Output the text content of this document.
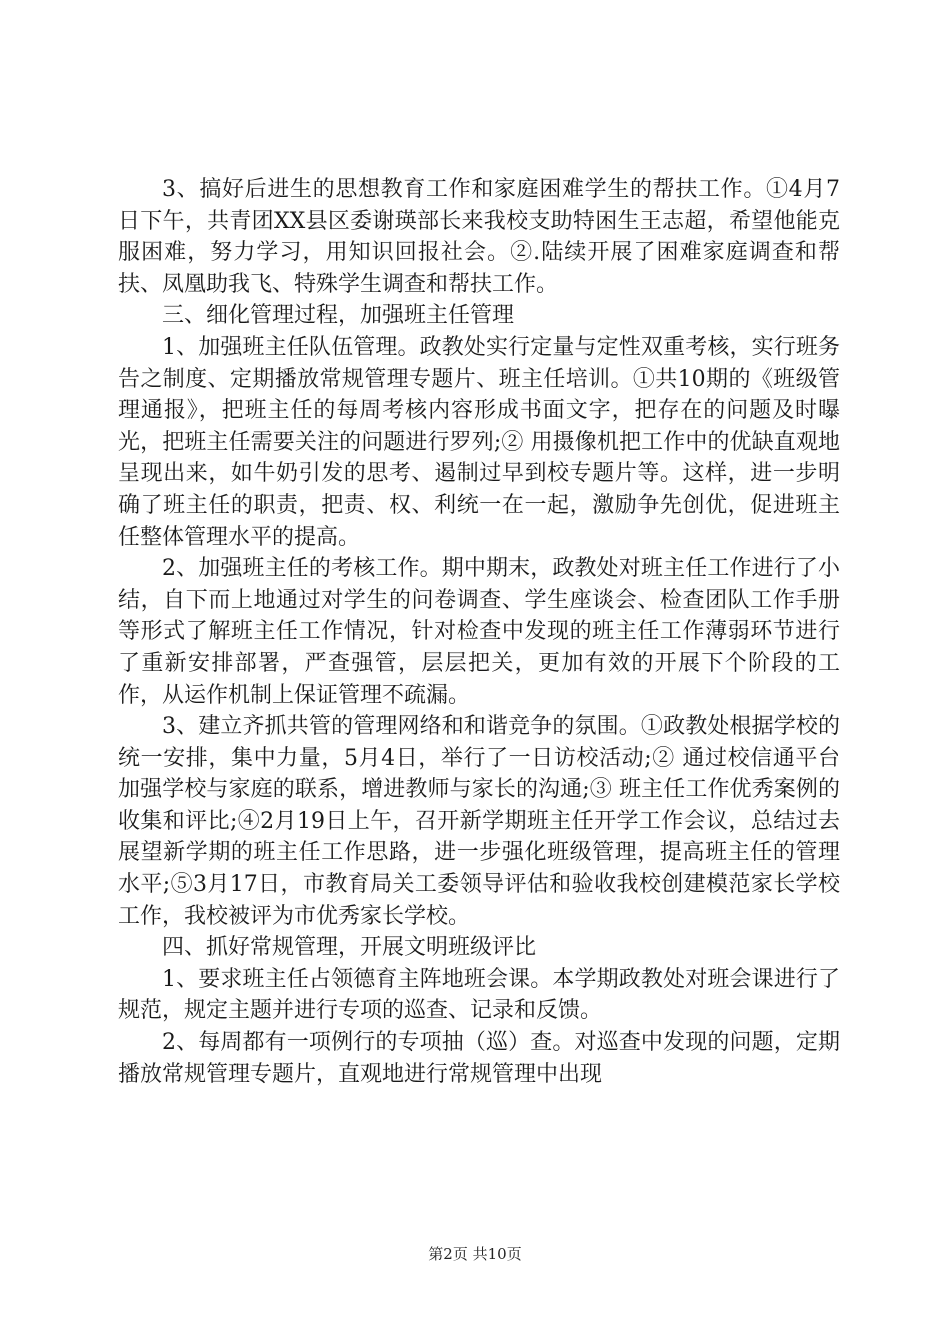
3、搞好后进生的思想教育工作和家庭困难学生的帮扶工作。①4月7日下午，共青团XX县区委谢瑛部长来我校支助特困生王志超，希望他能克服困难，努力学习，用知识回报社会。②.陆续开展了困难家庭调查和帮扶、凤凰助我飞、特殊学生调查和帮扶工作。

三、细化管理过程，加强班主任管理

1、加强班主任队伍管理。政教处实行定量与定性双重考核，实行班务告之制度、定期播放常规管理专题片、班主任培训。①共10期的《班级管理通报》，把班主任的每周考核内容形成书面文字，把存在的问题及时曝光，把班主任需要关注的问题进行罗列;② 用摄像机把工作中的优缺直观地呈现出来，如牛奶引发的思考、遏制过早到校专题片等。这样，进一步明确了班主任的职责，把责、权、利统一在一起，激励争先创优，促进班主任整体管理水平的提高。

2、加强班主任的考核工作。期中期末，政教处对班主任工作进行了小结，自下而上地通过对学生的问卷调查、学生座谈会、检查团队工作手册等形式了解班主任工作情况，针对检查中发现的班主任工作薄弱环节进行了重新安排部署，严查强管，层层把关，更加有效的开展下个阶段的工作，从运作机制上保证管理不疏漏。

3、建立齐抓共管的管理网络和和谐竞争的氛围。①政教处根据学校的统一安排，集中力量，5月4日，举行了一日访校活动;② 通过校信通平台加强学校与家庭的联系，增进教师与家长的沟通;③ 班主任工作优秀案例的收集和评比;④2月19日上午，召开新学期班主任开学工作会议，总结过去展望新学期的班主任工作思路，进一步强化班级管理，提高班主任的管理水平;⑤3月17日，市教育局关工委领导评估和验收我校创建模范家长学校工作，我校被评为市优秀家长学校。

四、抓好常规管理，开展文明班级评比

1、要求班主任占领德育主阵地班会课。本学期政教处对班会课进行了规范，规定主题并进行专项的巡查、记录和反馈。

2、每周都有一项例行的专项抽（巡）查。对巡查中发现的问题，定期播放常规管理专题片，直观地进行常规管理中出现

第2页 共10页
